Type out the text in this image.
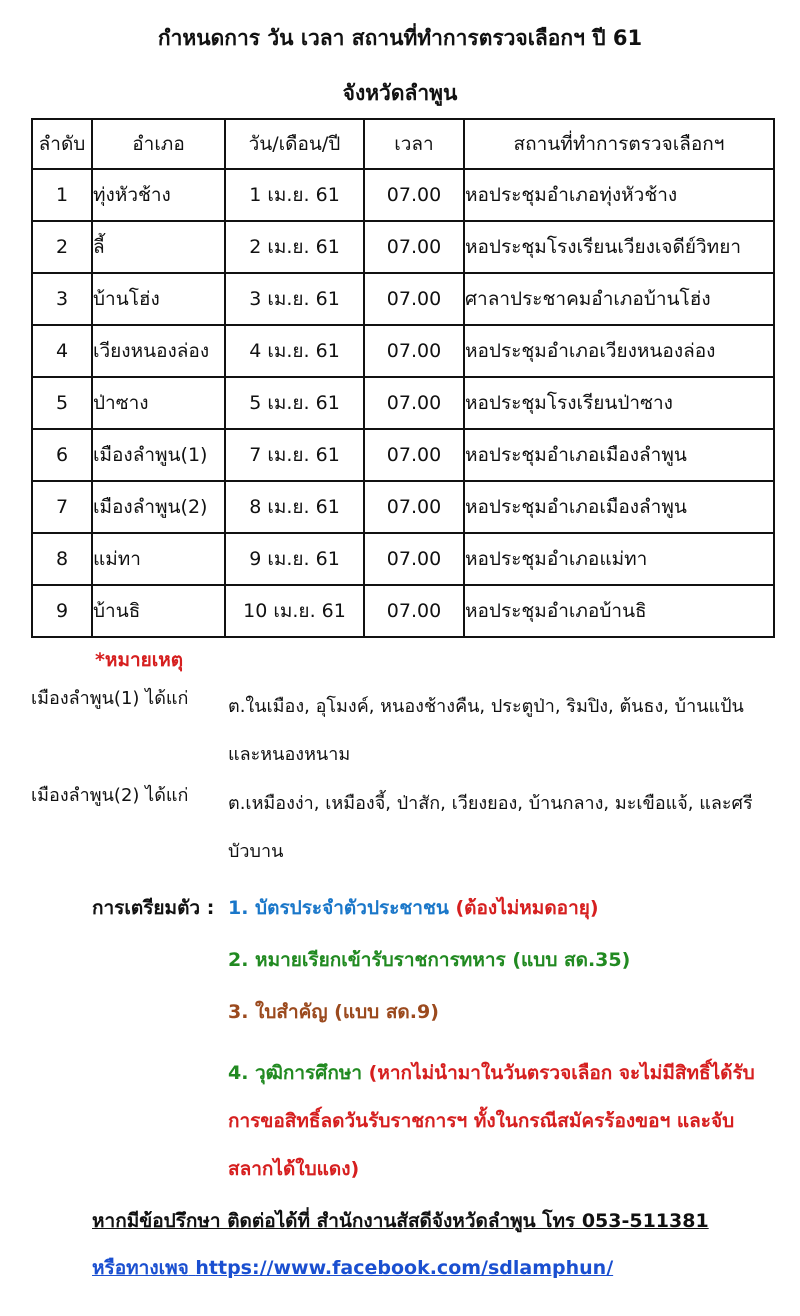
กำหนดการ วัน เวลา สถานที่ทำการตรวจเลือกฯ ปี 61
จังหวัดลำพูน
ลำดับ	อำเภอ	วัน/เดือน/ปี	เวลา	สถานที่ทำการตรวจเลือกฯ
1	ทุ่งหัวช้าง	1 เม.ย. 61	07.00	หอประชุมอำเภอทุ่งหัวช้าง
2	ลี้	2 เม.ย. 61	07.00	หอประชุมโรงเรียนเวียงเจดีย์วิทยา
3	บ้านโฮ่ง	3 เม.ย. 61	07.00	ศาลาประชาคมอำเภอบ้านโฮ่ง
4	เวียงหนองล่อง	4 เม.ย. 61	07.00	หอประชุมอำเภอเวียงหนองล่อง
5	ป่าซาง	5 เม.ย. 61	07.00	หอประชุมโรงเรียนป่าซาง
6	เมืองลำพูน(1)	7 เม.ย. 61	07.00	หอประชุมอำเภอเมืองลำพูน
7	เมืองลำพูน(2)	8 เม.ย. 61	07.00	หอประชุมอำเภอเมืองลำพูน
8	แม่ทา	9 เม.ย. 61	07.00	หอประชุมอำเภอแม่ทา
9	บ้านธิ	10 เม.ย. 61	07.00	หอประชุมอำเภอบ้านธิ
*หมายเหตุ
เมืองลำพูน(1) ได้แก่ ต.ในเมือง, อุโมงค์, หนองช้างคืน, ประตูป่า, ริมปิง, ต้นธง, บ้านแป้น และหนองหนาม
เมืองลำพูน(2) ได้แก่ ต.เหมืองง่า, เหมืองจี้, ป่าสัก, เวียงยอง, บ้านกลาง, มะเขือแจ้, และศรีบัวบาน
การเตรียมตัว : 1. บัตรประจำตัวประชาชน (ต้องไม่หมดอายุ)
2. หมายเรียกเข้ารับราชการทหาร (แบบ สด.35)
3. ใบสำคัญ (แบบ สด.9)
4. วุฒิการศึกษา (หากไม่นำมาในวันตรวจเลือก จะไม่มีสิทธิ์ได้รับการขอสิทธิ์ลดวันรับราชการฯ ทั้งในกรณีสมัครร้องขอฯ และจับสลากได้ใบแดง)
หากมีข้อปรึกษา ติดต่อได้ที่ สำนักงานสัสดีจังหวัดลำพูน โทร 053-511381
หรือทางเพจ https://www.facebook.com/sdlamphun/
